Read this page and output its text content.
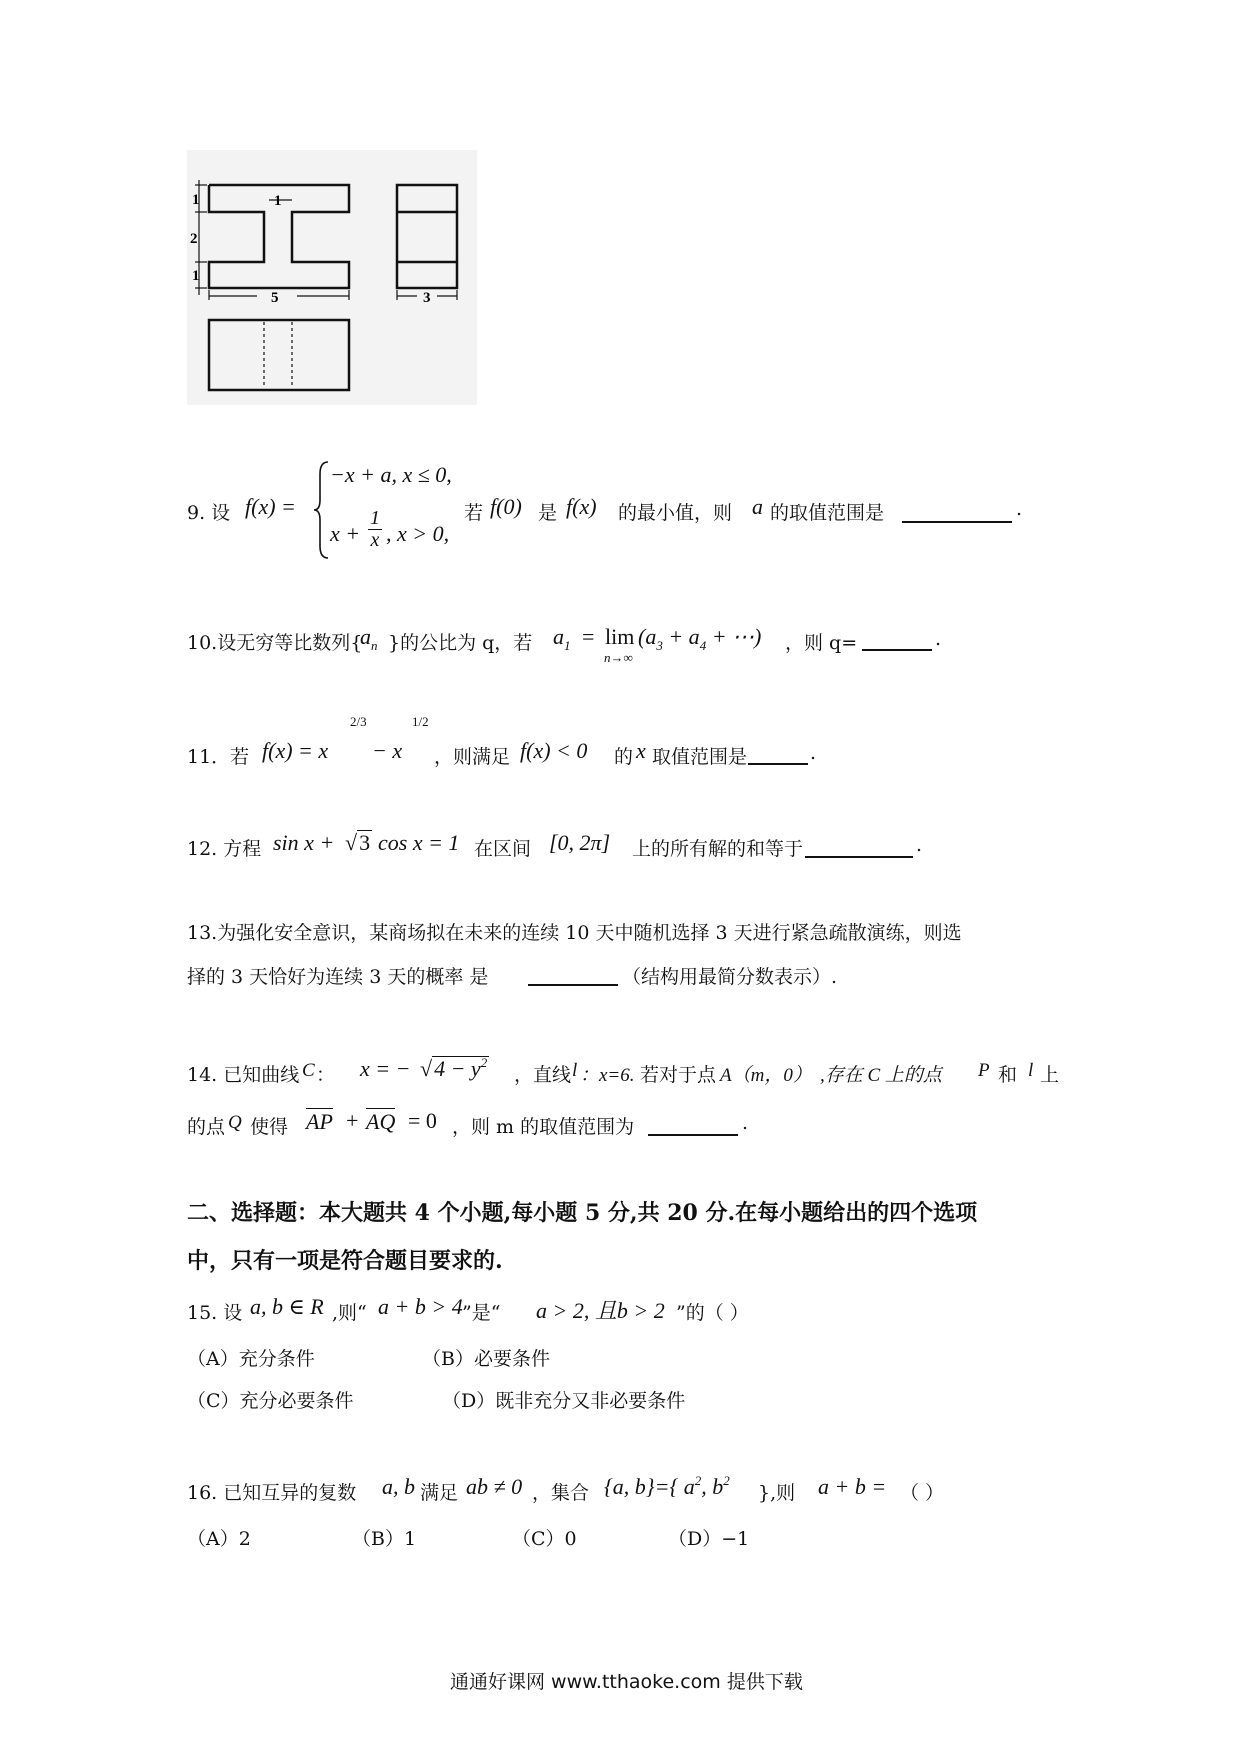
1	1
2
1
5	3
9. 设 f(x) =
−x + a, x ≤ 0,
$x + \frac{1}{x}$ , x > 0,
若 f(0) 是 f(x) 的最小值，则 a 的取值范围是	.
10.设无穷等比数列{
$a_n$ }的公比为 q，若 $a_1 = \lim$
n→∞
($a_3 + a_4$ + ⋯) ，则 q=	.
11．若 f(x) = x
2/3
− x
1/2
，则满足 f(x) < 0 的 x 取值范围是	.
12. 方程 sin x + √3 cos x = 1 在区间 [0, 2π] 上的所有解的和等于	.
13.为强化安全意识，某商场拟在未来的连续 10 天中随机选择 3 天进行紧急疏散演练，则选
择的 3 天恰好为连续 3 天的概率 是	（结构用最简分数表示）.
14. 已知曲线 C ： x = − $√4 - y^2$
，直线 l ：x=6. 若对于点 A（m，0） ,存在 C 上的点 P 和 l 上
的点 Q 使得 AP + AQ = 0 ，则 m 的取值范围为	.
二、选择题：本大题共 4 个小题,每小题 5 分,共 20 分.在每小题给出的四个选项
中，只有一项是符合题目要求的.
15. 设 a, b ∈ R ,则“ a + b > 4 ”是“ a > 2, 且b > 2 ”的（ ）
（A）充分条件	（B）必要条件
（C）充分必要条件	（D）既非充分又非必要条件
16. 已知互异的复数 a, b 满足 ab ≠ 0 ，集合 {a, b}={ $a^2$, $b^2$
},则 a + b = （ ）
（A）2	（B）1	（C）0	（D）−1
通通好课网 www.tthaoke.com 提供下载
